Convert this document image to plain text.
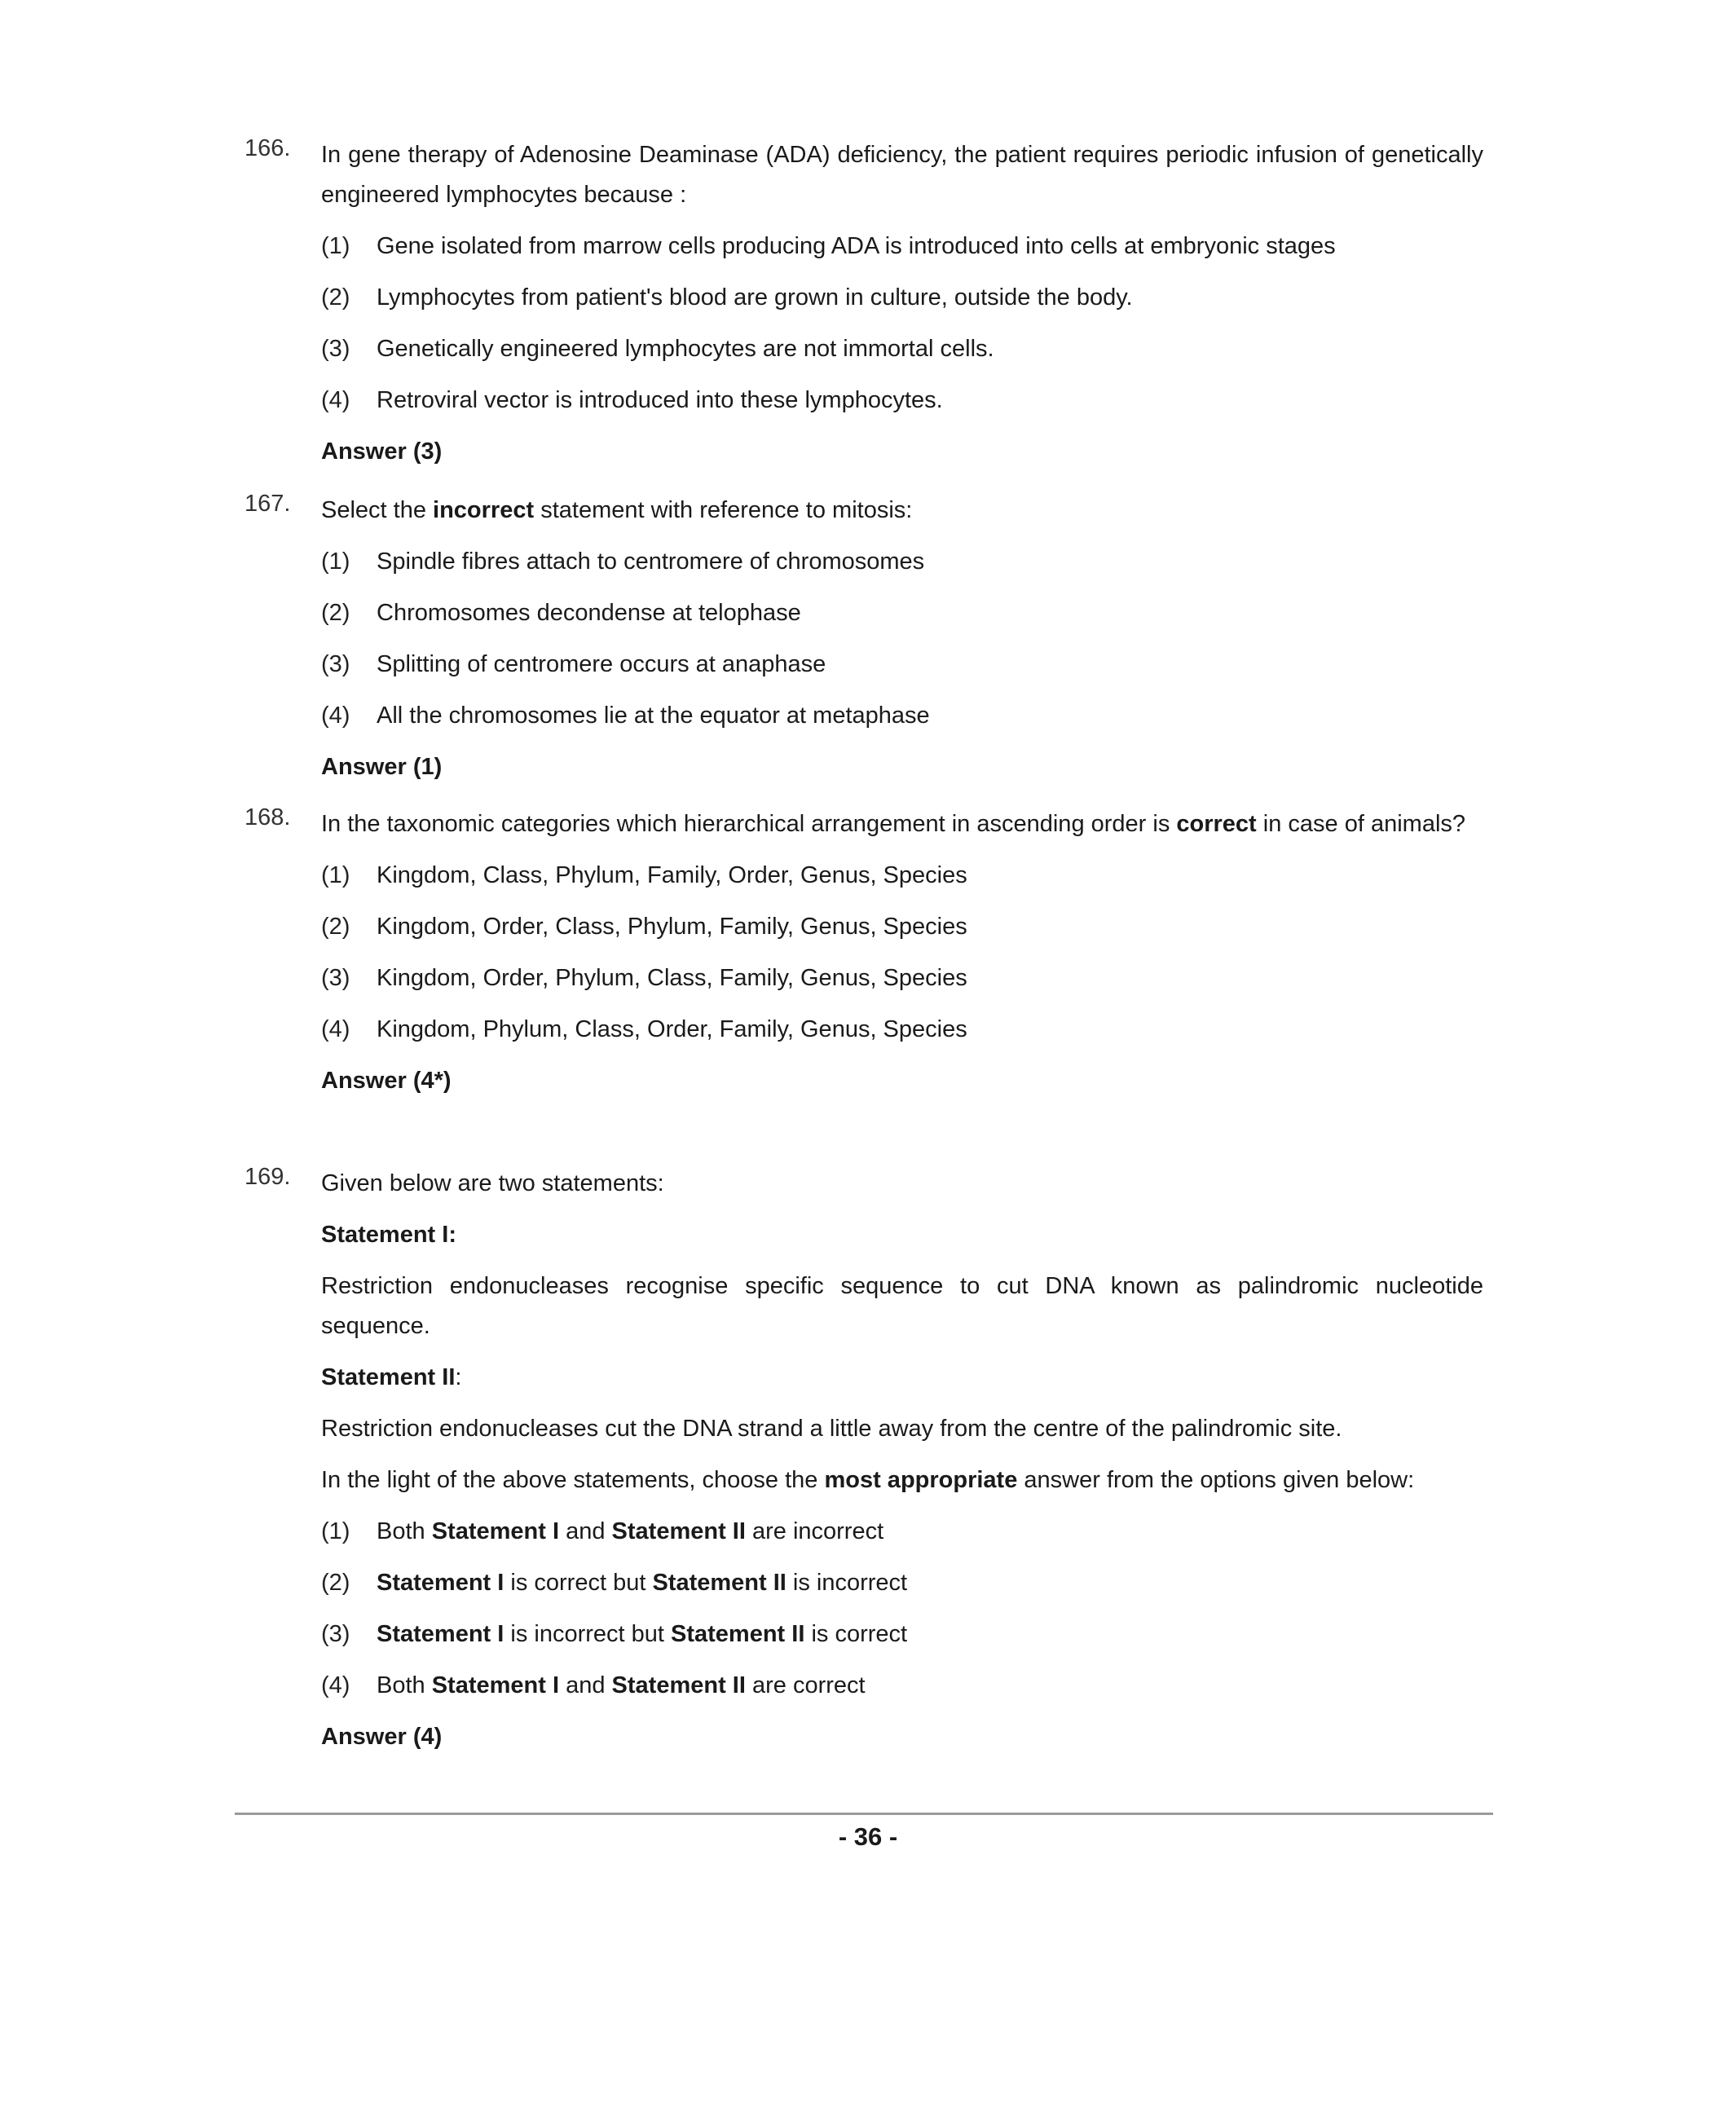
166.	In gene therapy of Adenosine Deaminase (ADA) deficiency, the patient requires periodic infusion of genetically engineered lymphocytes because :

(1)	Gene isolated from marrow cells producing ADA is introduced into cells at embryonic stages
(2)	Lymphocytes from patient's blood are grown in culture, outside the body.
(3)	Genetically engineered lymphocytes are not immortal cells.
(4)	Retroviral vector is introduced into these lymphocytes.

Answer (3)

167.	Select the incorrect statement with reference to mitosis:

(1)	Spindle fibres attach to centromere of chromosomes
(2)	Chromosomes decondense at telophase
(3)	Splitting of centromere occurs at anaphase
(4)	All the chromosomes lie at the equator at metaphase

Answer (1)

168.	In the taxonomic categories which hierarchical arrangement in ascending order is correct in case of animals?

(1)	Kingdom, Class, Phylum, Family, Order, Genus, Species
(2)	Kingdom, Order, Class, Phylum, Family, Genus, Species
(3)	Kingdom, Order, Phylum, Class, Family, Genus, Species
(4)	Kingdom, Phylum, Class, Order, Family, Genus, Species

Answer (4*)

169.	Given below are two statements:

Statement I:

Restriction endonucleases recognise specific sequence to cut DNA known as palindromic nucleotide sequence.

Statement II:

Restriction endonucleases cut the DNA strand a little away from the centre of the palindromic site.

In the light of the above statements, choose the most appropriate answer from the options given below:

(1)	Both Statement I and Statement II are incorrect
(2)	Statement I is correct but Statement II is incorrect
(3)	Statement I is incorrect but Statement II is correct
(4)	Both Statement I and Statement II are correct

Answer (4)

- 36 -
